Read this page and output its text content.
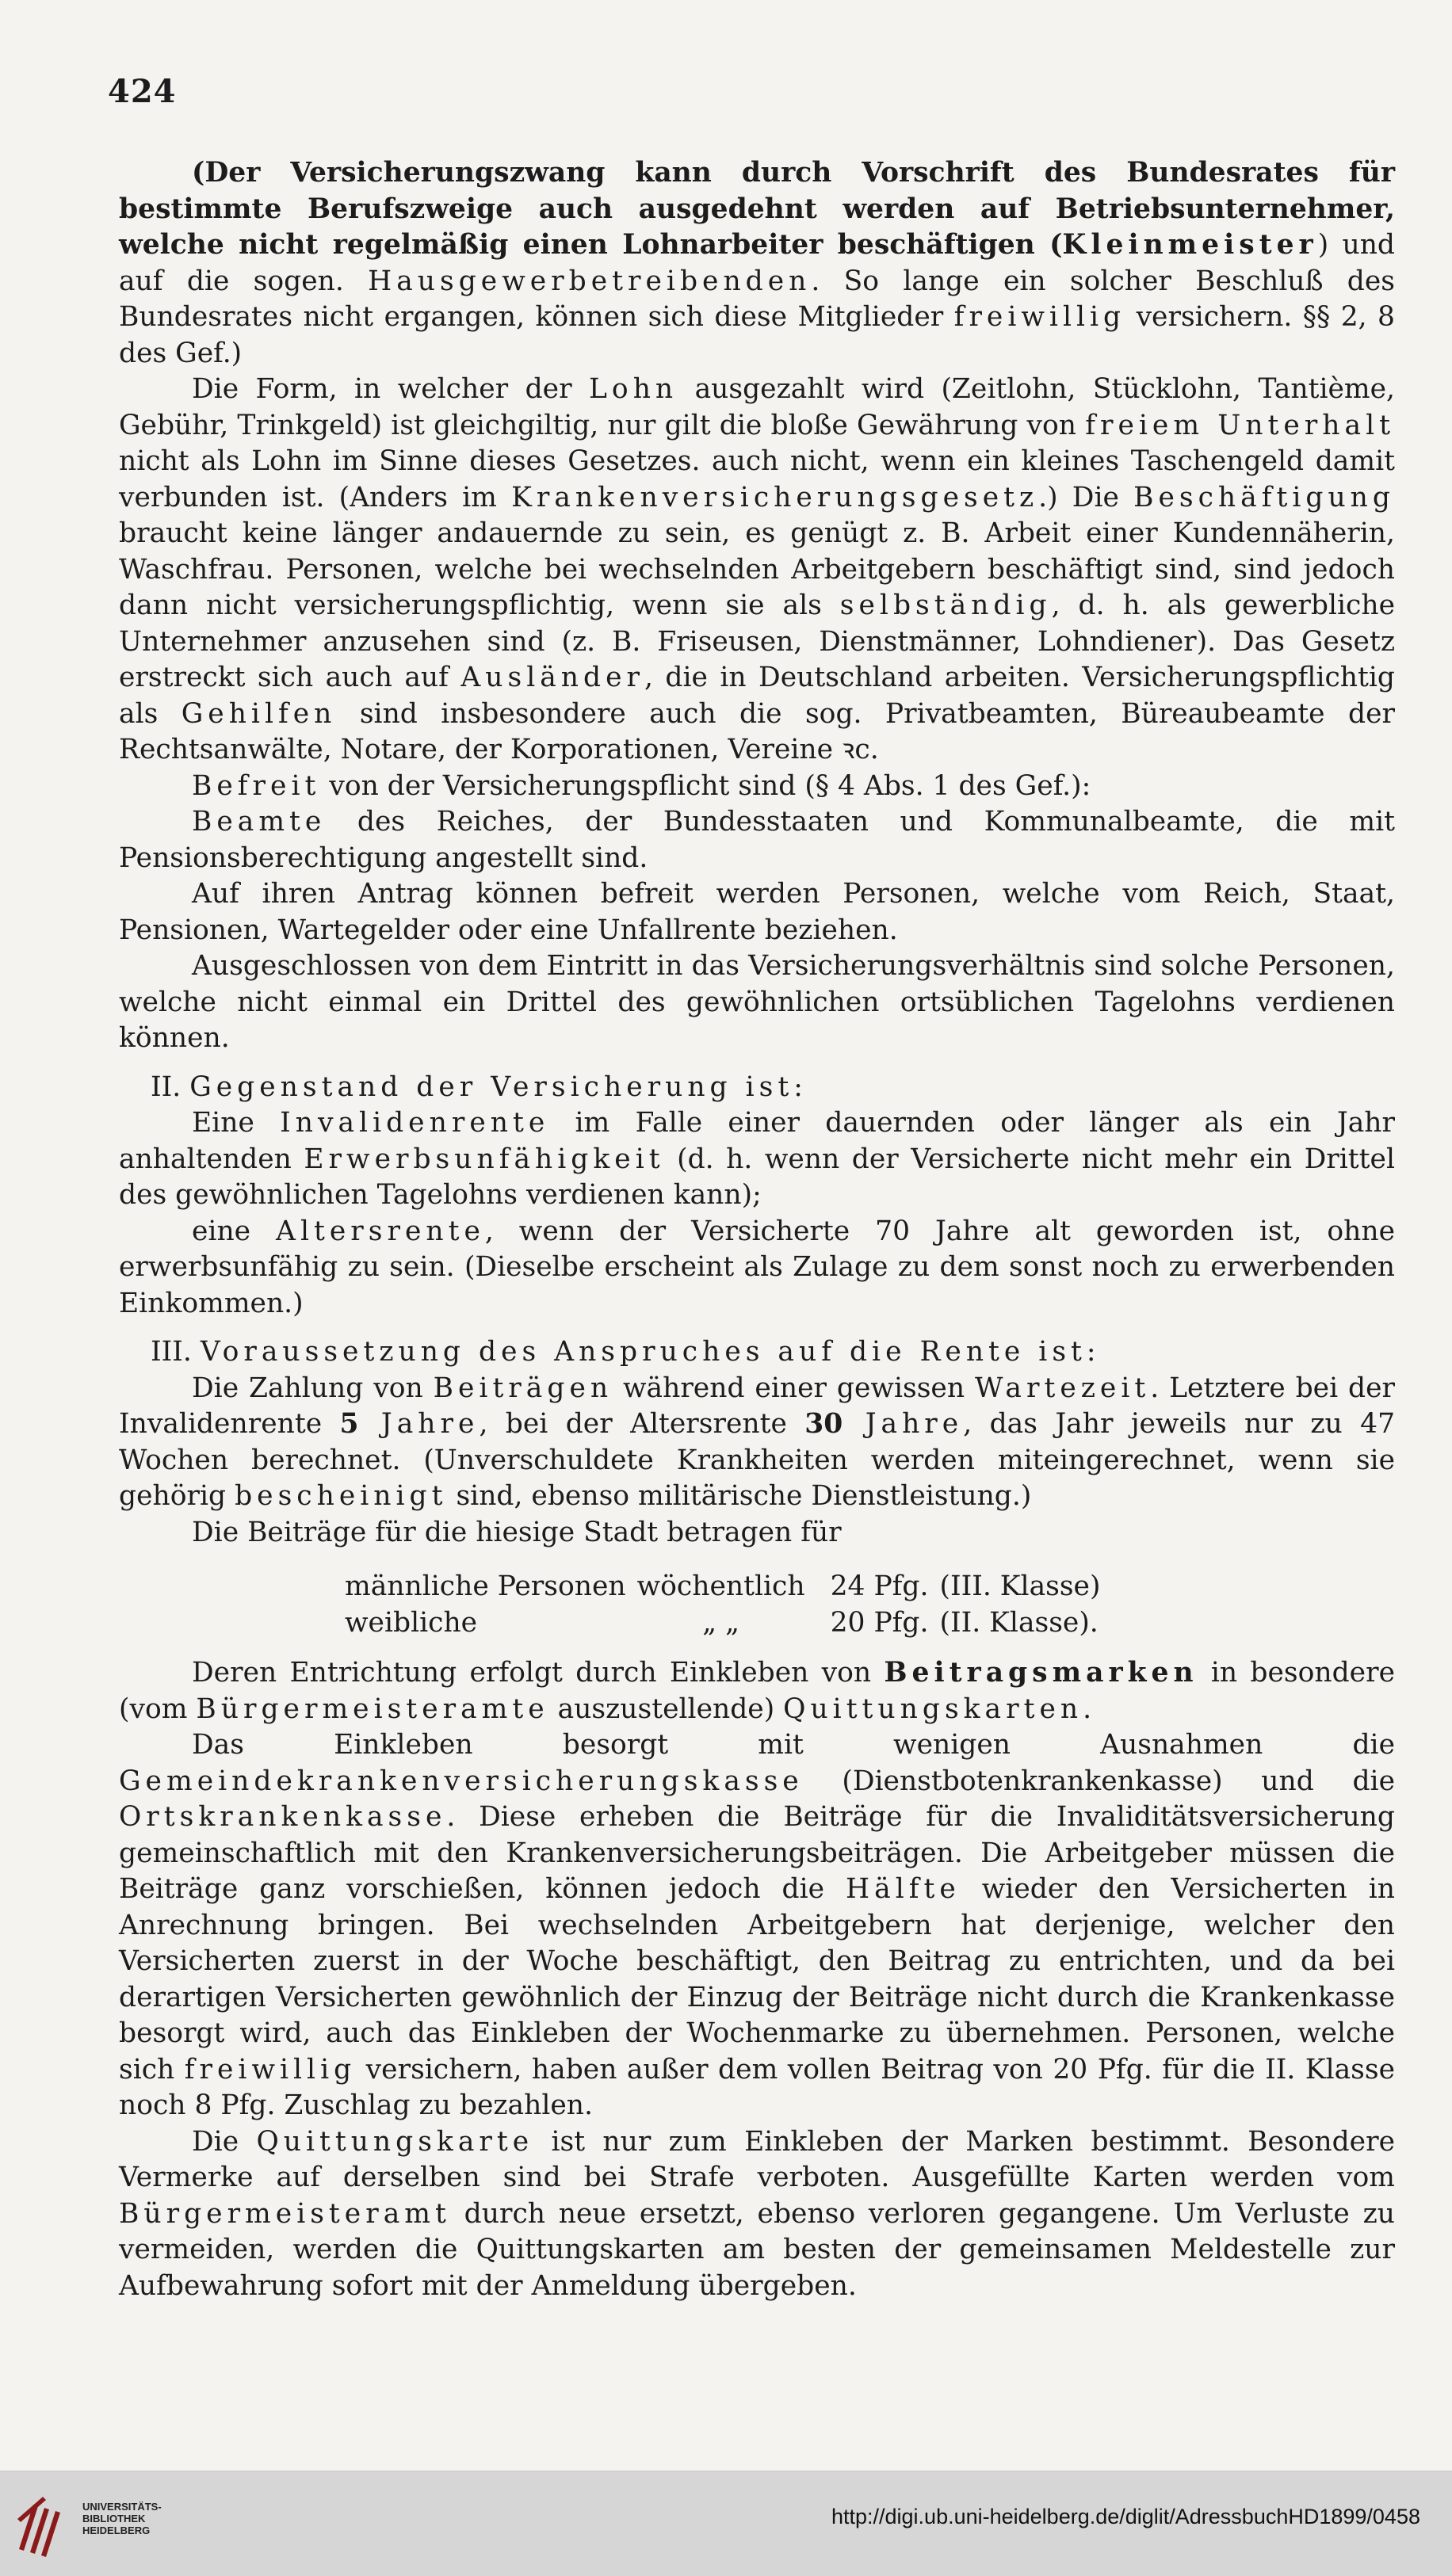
424

(Der Versicherungszwang kann durch Vorschrift des Bundesrates für bestimmte Berufszweige auch ausgedehnt werden auf Betriebsunternehmer, welche nicht regelmäßig einen Lohnarbeiter beschäftigen (Kleinmeister) und auf die sogen. Hausgewerbetreibenden. So lange ein solcher Beschluß des Bundesrates nicht ergangen, können sich diese Mitglieder freiwillig versichern. §§ 2, 8 des Gef.)

Die Form, in welcher der Lohn ausgezahlt wird (Zeitlohn, Stücklohn, Tantième, Gebühr, Trinkgeld) ist gleichgiltig, nur gilt die bloße Gewährung von freiem Unterhalt nicht als Lohn im Sinne dieses Gesetzes. auch nicht, wenn ein kleines Taschengeld damit verbunden ist. (Anders im Krankenversicherungsgesetz.) Die Beschäftigung braucht keine länger andauernde zu sein, es genügt z. B. Arbeit einer Kundennäherin, Waschfrau. Personen, welche bei wechselnden Arbeitgebern beschäftigt sind, sind jedoch dann nicht versicherungspflichtig, wenn sie als selbständig, d. h. als gewerbliche Unternehmer anzusehen sind (z. B. Friseusen, Dienstmänner, Lohndiener). Das Gesetz erstreckt sich auch auf Ausländer, die in Deutschland arbeiten. Versicherungspflichtig als Gehilfen sind insbesondere auch die sog. Privatbeamten, Büreaubeamte der Rechtsanwälte, Notare, der Korporationen, Vereine ꝛc.

Befreit von der Versicherungspflicht sind (§ 4 Abs. 1 des Gef.):

Beamte des Reiches, der Bundesstaaten und Kommunalbeamte, die mit Pensionsberechtigung angestellt sind.

Auf ihren Antrag können befreit werden Personen, welche vom Reich, Staat, Pensionen, Wartegelder oder eine Unfallrente beziehen.

Ausgeschlossen von dem Eintritt in das Versicherungsverhältnis sind solche Personen, welche nicht einmal ein Drittel des gewöhnlichen ortsüblichen Tagelohns verdienen können.

II. Gegenstand der Versicherung ist:

Eine Invalidenrente im Falle einer dauernden oder länger als ein Jahr anhaltenden Erwerbsunfähigkeit (d. h. wenn der Versicherte nicht mehr ein Drittel des gewöhnlichen Tagelohns verdienen kann);

eine Altersrente, wenn der Versicherte 70 Jahre alt geworden ist, ohne erwerbsunfähig zu sein. (Dieselbe erscheint als Zulage zu dem sonst noch zu erwerbenden Einkommen.)

III. Voraussetzung des Anspruches auf die Rente ist:

Die Zahlung von Beiträgen während einer gewissen Wartezeit. Letztere bei der Invalidenrente 5 Jahre, bei der Altersrente 30 Jahre, das Jahr jeweils nur zu 47 Wochen berechnet. (Unverschuldete Krankheiten werden miteingerechnet, wenn sie gehörig bescheinigt sind, ebenso militärische Dienstleistung.)

Die Beiträge für die hiesige Stadt betragen für

männliche Personen	wöchentlich	24 Pfg.	(III. Klasse)
weibliche	„ „	20 Pfg.	(II. Klasse).

Deren Entrichtung erfolgt durch Einkleben von Beitragsmarken in besondere (vom Bürgermeisteramte auszustellende) Quittungskarten.

Das Einkleben besorgt mit wenigen Ausnahmen die Gemeindekrankenversicherungskasse (Dienstbotenkrankenkasse) und die Ortskrankenkasse. Diese erheben die Beiträge für die Invaliditätsversicherung gemeinschaftlich mit den Krankenversicherungsbeiträgen. Die Arbeitgeber müssen die Beiträge ganz vorschießen, können jedoch die Hälfte wieder den Versicherten in Anrechnung bringen. Bei wechselnden Arbeitgebern hat derjenige, welcher den Versicherten zuerst in der Woche beschäftigt, den Beitrag zu entrichten, und da bei derartigen Versicherten gewöhnlich der Einzug der Beiträge nicht durch die Krankenkasse besorgt wird, auch das Einkleben der Wochenmarke zu übernehmen. Personen, welche sich freiwillig versichern, haben außer dem vollen Beitrag von 20 Pfg. für die II. Klasse noch 8 Pfg. Zuschlag zu bezahlen.

Die Quittungskarte ist nur zum Einkleben der Marken bestimmt. Besondere Vermerke auf derselben sind bei Strafe verboten. Ausgefüllte Karten werden vom Bürgermeisteramt durch neue ersetzt, ebenso verloren gegangene. Um Verluste zu vermeiden, werden die Quittungskarten am besten der gemeinsamen Meldestelle zur Aufbewahrung sofort mit der Anmeldung übergeben.

UNIVERSITÄTS-
BIBLIOTHEK
HEIDELBERG
http://digi.ub.uni-heidelberg.de/diglit/AdressbuchHD1899/0458
